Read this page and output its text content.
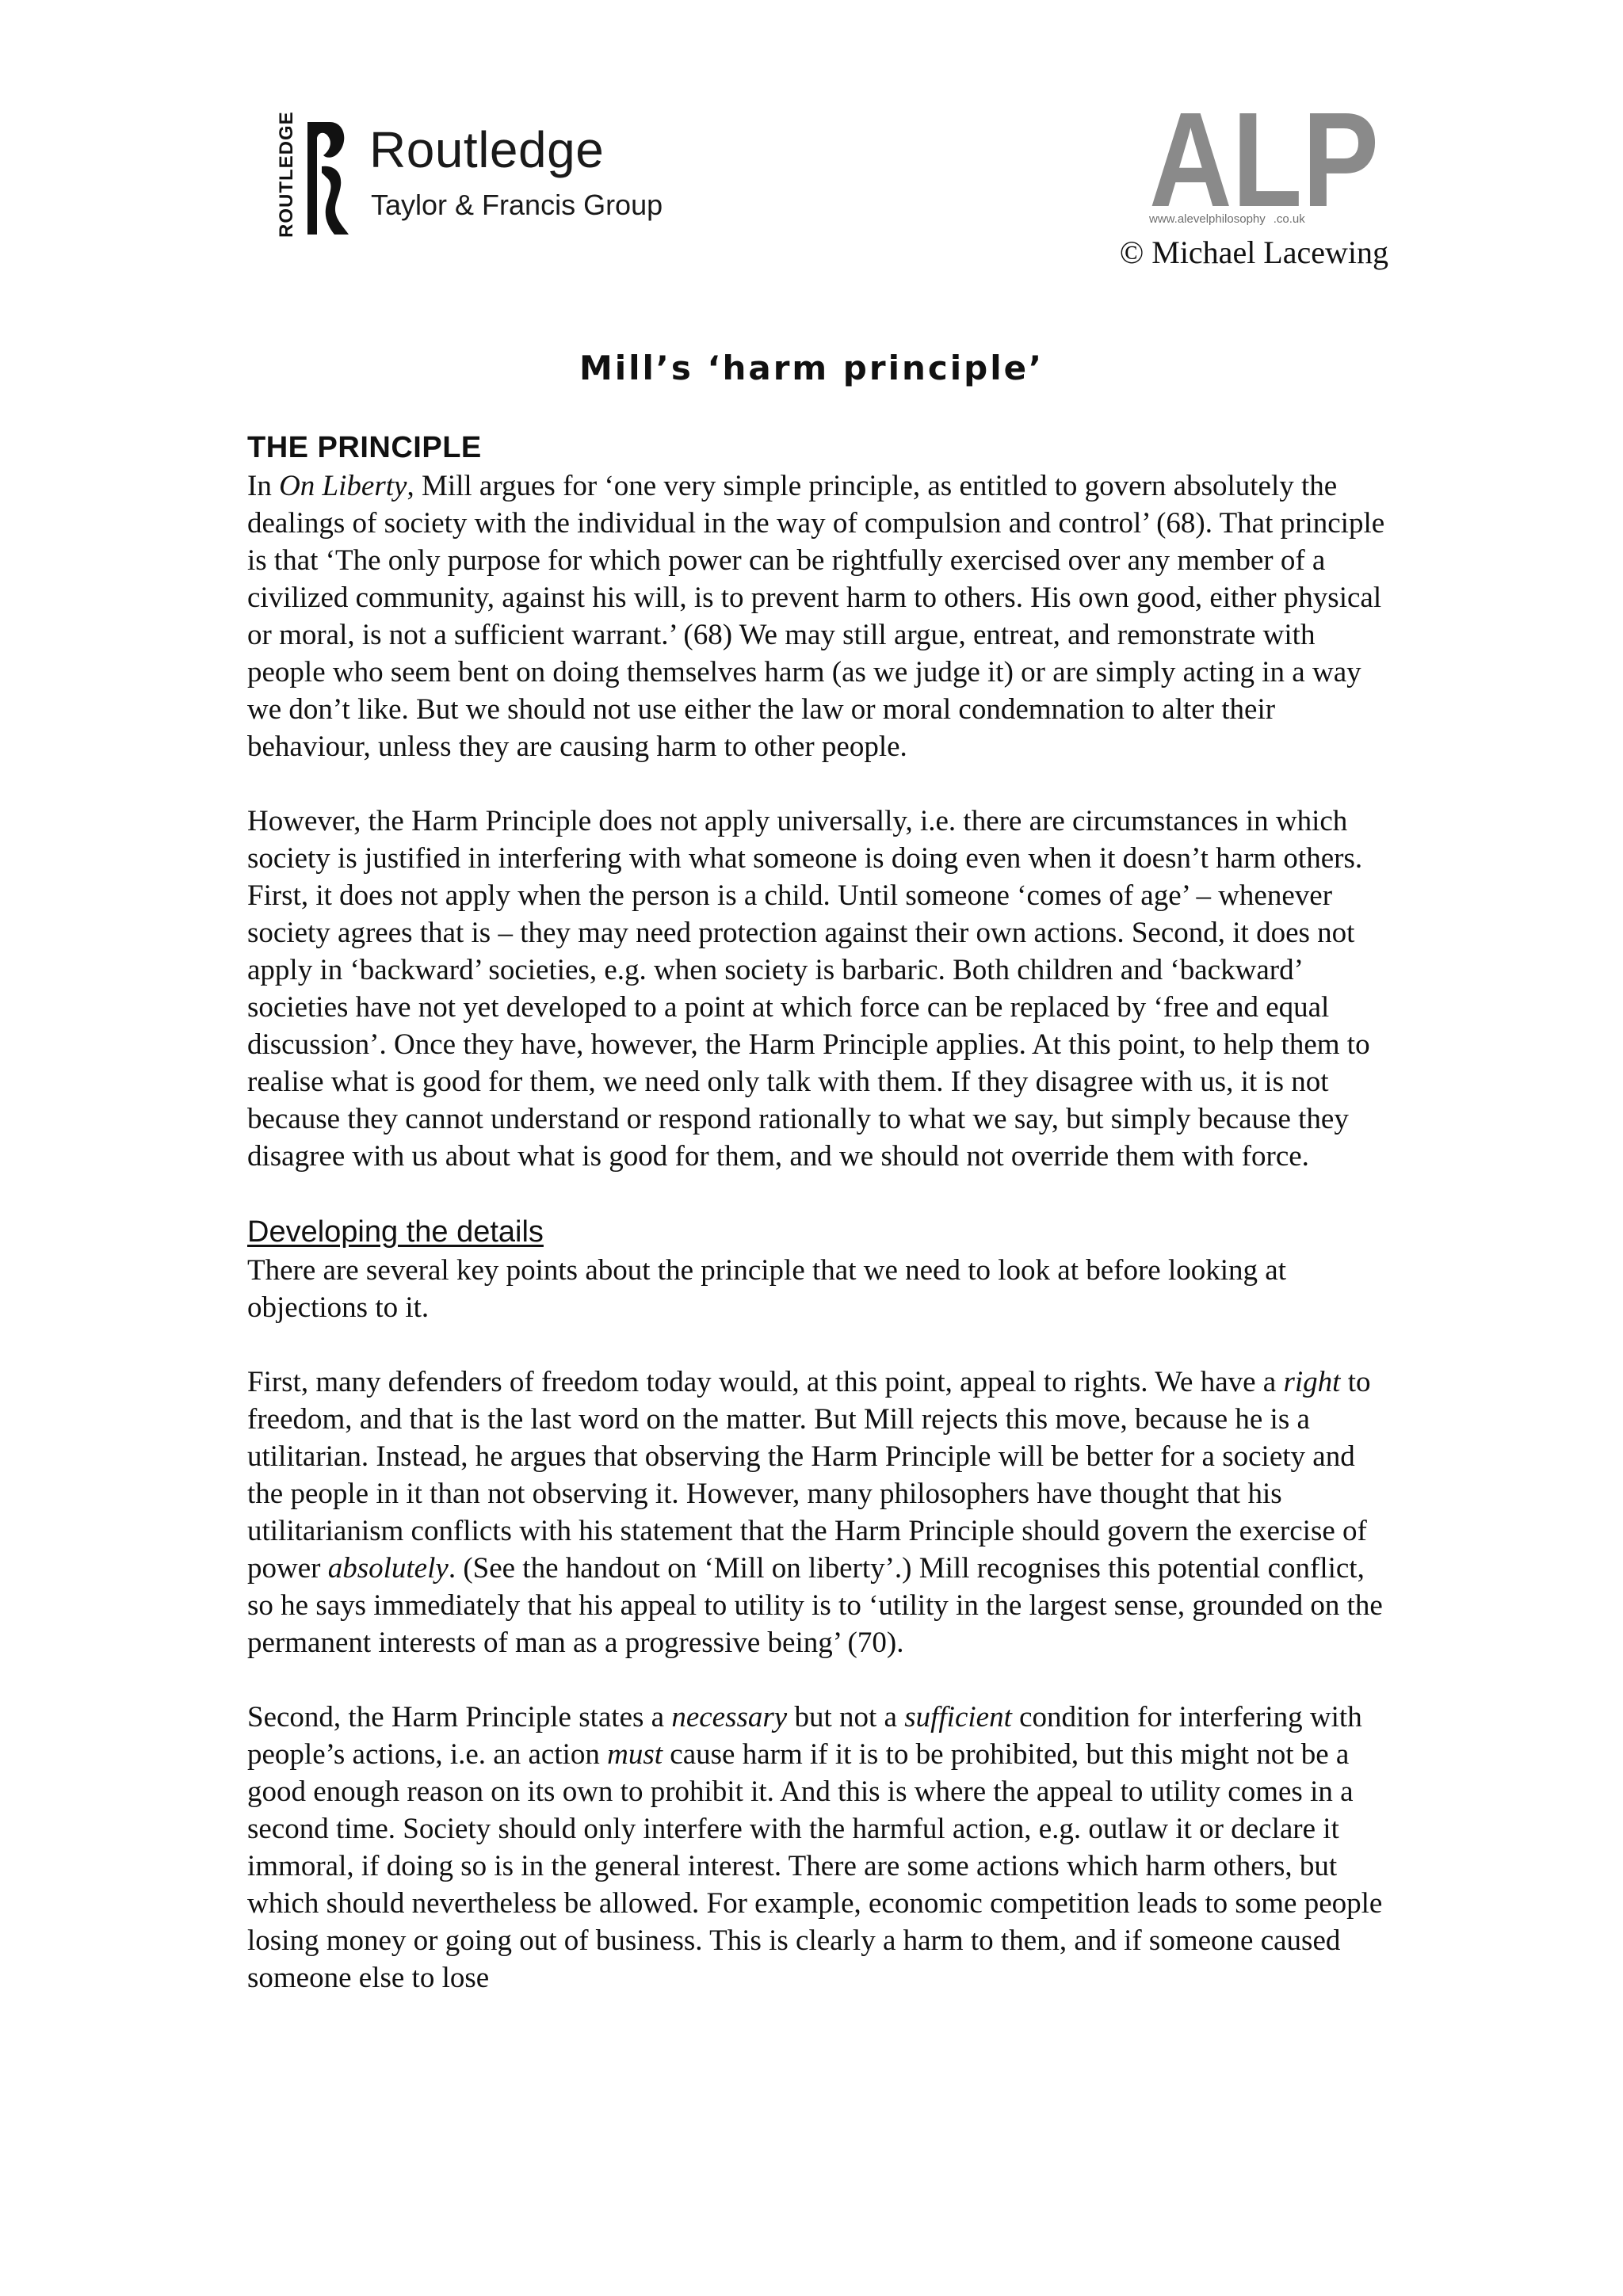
ROUTLEDGE Routledge
Taylor & Francis Group	ALP
www.alevelphilosophy .co.uk
© Michael Lacewing
Mill’s ‘harm principle’
THE PRINCIPLE

In On Liberty, Mill argues for ‘one very simple principle, as entitled to govern absolutely the dealings of society with the individual in the way of compulsion and control’ (68). That principle is that ‘The only purpose for which power can be rightfully exercised over any member of a civilized community, against his will, is to prevent harm to others. His own good, either physical or moral, is not a sufficient warrant.’ (68) We may still argue, entreat, and remonstrate with people who seem bent on doing themselves harm (as we judge it) or are simply acting in a way we don’t like. But we should not use either the law or moral condemnation to alter their behaviour, unless they are causing harm to other people.

However, the Harm Principle does not apply universally, i.e. there are circumstances in which society is justified in interfering with what someone is doing even when it doesn’t harm others. First, it does not apply when the person is a child. Until someone ‘comes of age’ – whenever society agrees that is – they may need protection against their own actions. Second, it does not apply in ‘backward’ societies, e.g. when society is barbaric. Both children and ‘backward’ societies have not yet developed to a point at which force can be replaced by ‘free and equal discussion’. Once they have, however, the Harm Principle applies. At this point, to help them to realise what is good for them, we need only talk with them. If they disagree with us, it is not because they cannot understand or respond rationally to what we say, but simply because they disagree with us about what is good for them, and we should not override them with force.

Developing the details

There are several key points about the principle that we need to look at before looking at objections to it.

First, many defenders of freedom today would, at this point, appeal to rights. We have a right to freedom, and that is the last word on the matter. But Mill rejects this move, because he is a utilitarian. Instead, he argues that observing the Harm Principle will be better for a society and the people in it than not observing it. However, many philosophers have thought that his utilitarianism conflicts with his statement that the Harm Principle should govern the exercise of power absolutely. (See the handout on ‘Mill on liberty’.) Mill recognises this potential conflict, so he says immediately that his appeal to utility is to ‘utility in the largest sense, grounded on the permanent interests of man as a progressive being’ (70).

Second, the Harm Principle states a necessary but not a sufficient condition for interfering with people’s actions, i.e. an action must cause harm if it is to be prohibited, but this might not be a good enough reason on its own to prohibit it. And this is where the appeal to utility comes in a second time. Society should only interfere with the harmful action, e.g. outlaw it or declare it immoral, if doing so is in the general interest. There are some actions which harm others, but which should nevertheless be allowed. For example, economic competition leads to some people losing money or going out of business. This is clearly a harm to them, and if someone caused someone else to lose
